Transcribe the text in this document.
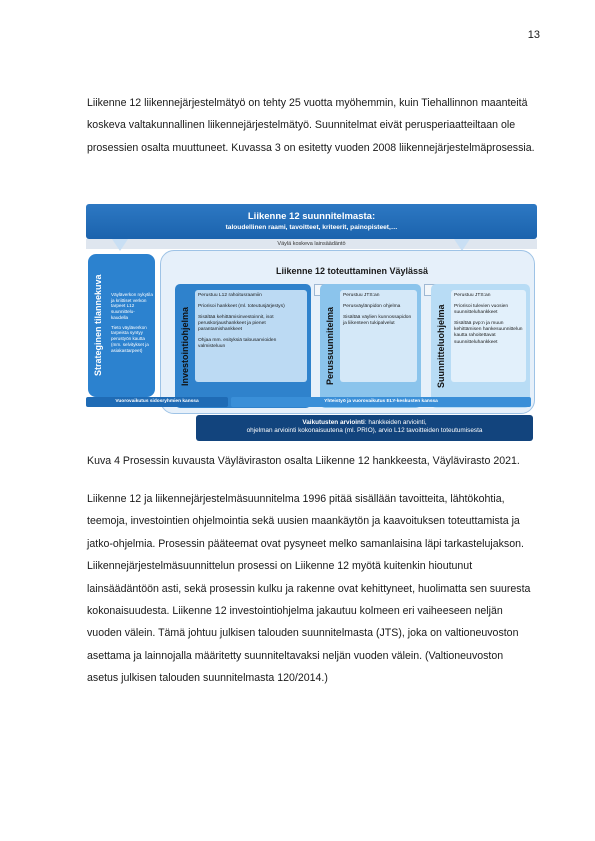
13

Liikenne 12 liikennejärjestelmätyö on tehty 25 vuotta myöhemmin, kuin Tiehallinnon maanteitä koskeva valtakunnallinen liikennejärjestelmätyö. Suunnitelmat eivät perusperiaatteiltaan ole prosessien osalta muuttuneet. Kuvassa 3 on esitetty vuoden 2008 liikennejärjestelmäprosessia.

Liikenne 12 suunnitelmasta:
taloudellinen raami, tavoitteet, kriteerit, painopisteet,…
Väylä koskeva lainsäädäntö
Strateginen tilannekuva Väyläverkon nykytila ja kriittiset verkon tarpeet L12 suunnittelu- kaudella

Tieto väyläverkon tarpeista syntyy perustyön kautta (mm. selvitykset ja asiakastarpeet)

Liikenne 12 toteuttaminen Väylässä
Investointiohjelma

Perustuu L12 rahoitusraamiin

Priorisoi hankkeet (ml. toteutusjärjestys)

Sisältää kehittämisinvestoinnit, isot peruskorjaushankkeet ja pienet parantamishankkeet

Ohjaa mm. esityksiä talousarvioiden valmisteluun	Perussuunnitelma

Perustuu JTS:an

Perusväylänpidon ohjelma

Sisältää väylien kunnossapidon ja liikenteen tukipalvelut	Suunnitteluohjelma

Perustuu JTS:an

Priorisoi tulevien vuosien suunnitteluhankkeet

Sisältää pvp:n ja muun kehittämisen hankesuunnittelun kautta rahoitettavat suunnitteluhankkeet

Vuorovaikutus sidosryhmien kanssa	Yhteistyö ja vuorovaikutus ELY-keskusten kanssa
Vaikutusten arviointi: hankkeiden arviointi,
ohjelman arviointi kokonaisuutena (ml. PRIO), arvio L12 tavoitteiden toteutumisesta
Kuva 4 Prosessin kuvausta Väyläviraston osalta Liikenne 12 hankkeesta, Väylävirasto 2021.

Liikenne 12 ja liikennejärjestelmäsuunnitelma 1996 pitää sisällään tavoitteita, lähtökohtia, teemoja, investointien ohjelmointia sekä uusien maankäytön ja kaavoituksen toteuttamista ja jatko-ohjelmia. Prosessin pääteemat ovat pysyneet melko samanlaisina läpi tarkastelujakson. Liikennejärjestelmäsuunnittelun prosessi on Liikenne 12 myötä kuitenkin hioutunut lainsäädäntöön asti, sekä prosessin kulku ja rakenne ovat kehittyneet, huolimatta sen suuresta kokonaisuudesta. Liikenne 12 investointiohjelma jakautuu kolmeen eri vaiheeseen neljän vuoden välein. Tämä johtuu julkisen talouden suunnitelmasta (JTS), joka on valtioneuvoston asettama ja lainnojalla määritetty suunniteltavaksi neljän vuoden välein. (Valtioneuvoston asetus julkisen talouden suunnitelmasta 120/2014.)
